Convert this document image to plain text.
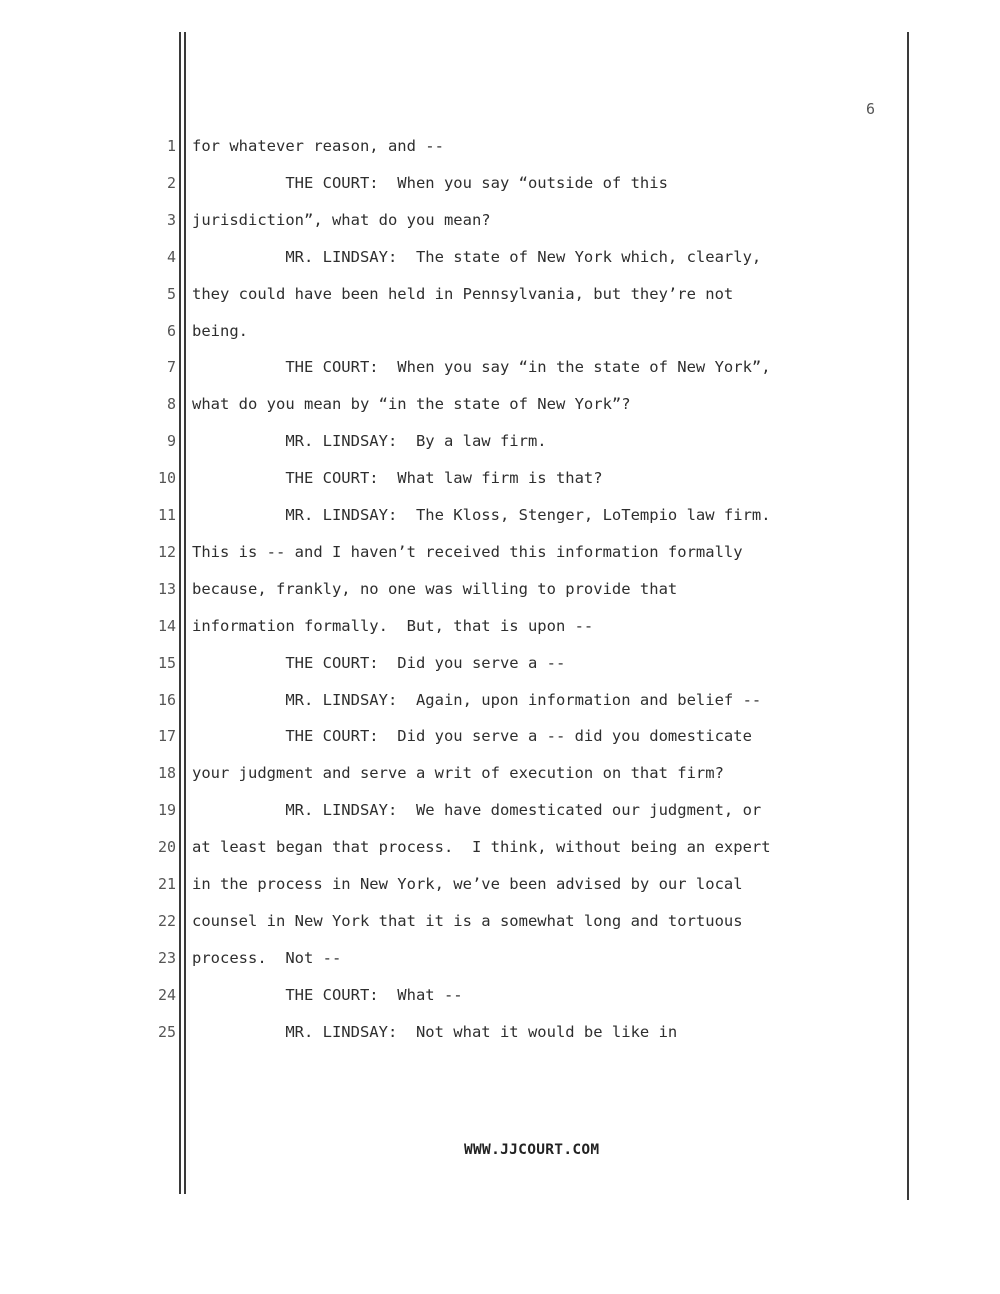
6
1 for whatever reason, and --
2 THE COURT:  When you say “outside of this
3 jurisdiction”, what do you mean?
4 MR. LINDSAY:  The state of New York which, clearly,
5 they could have been held in Pennsylvania, but they’re not
6 being.
7 THE COURT:  When you say “in the state of New York”,
8 what do you mean by “in the state of New York”?
9 MR. LINDSAY:  By a law firm.
10 THE COURT:  What law firm is that?
11 MR. LINDSAY:  The Kloss, Stenger, LoTempio law firm.
12 This is -- and I haven’t received this information formally
13 because, frankly, no one was willing to provide that
14 information formally.  But, that is upon --
15 THE COURT:  Did you serve a --
16 MR. LINDSAY:  Again, upon information and belief --
17 THE COURT:  Did you serve a -- did you domesticate
18 your judgment and serve a writ of execution on that firm?
19 MR. LINDSAY:  We have domesticated our judgment, or
20 at least began that process.  I think, without being an expert
21 in the process in New York, we’ve been advised by our local
22 counsel in New York that it is a somewhat long and tortuous
23 process.  Not --
24 THE COURT:  What --
25 MR. LINDSAY:  Not what it would be like in
WWW.JJCOURT.COM
